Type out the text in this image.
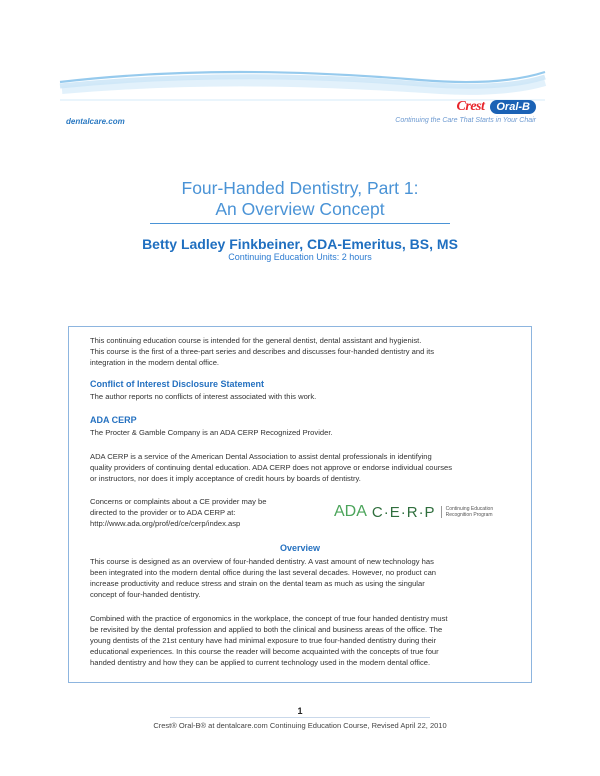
dentalcare.com
Crest	Oral-B
Continuing the Care That Starts in Your Chair
Four-Handed Dentistry, Part 1:
An Overview Concept
Betty Ladley Finkbeiner, CDA-Emeritus, BS, MS
Continuing Education Units: 2 hours
This continuing education course is intended for the general dentist, dental assistant and hygienist.
This course is the first of a three-part series and describes and discusses four-handed dentistry and its
integration in the modern dental office.
Conflict of Interest Disclosure Statement
The author reports no conflicts of interest associated with this work.
ADA CERP
The Procter & Gamble Company is an ADA CERP Recognized Provider.
ADA CERP is a service of the American Dental Association to assist dental professionals in identifying
quality providers of continuing dental education. ADA CERP does not approve or endorse individual courses
or instructors, nor does it imply acceptance of credit hours by boards of dentistry.
Concerns or complaints about a CE provider may be
directed to the provider or to ADA CERP at:
http://www.ada.org/prof/ed/ce/cerp/index.asp
ADA C·E·R·P	Continuing Education
Recognition Program
Overview
This course is designed as an overview of four-handed dentistry. A vast amount of new technology has
been integrated into the modern dental office during the last several decades. However, no product can
increase productivity and reduce stress and strain on the dental team as much as using the singular
concept of four-handed dentistry.
Combined with the practice of ergonomics in the workplace, the concept of true four handed dentistry must
be revisited by the dental profession and applied to both the clinical and business areas of the office. The
young dentists of the 21st century have had minimal exposure to true four-handed dentistry during their
educational experiences. In this course the reader will become acquainted with the concepts of true four
handed dentistry and how they can be applied to current technology used in the modern dental office.
1
Crest® Oral-B® at dentalcare.com Continuing Education Course, Revised April 22, 2010
